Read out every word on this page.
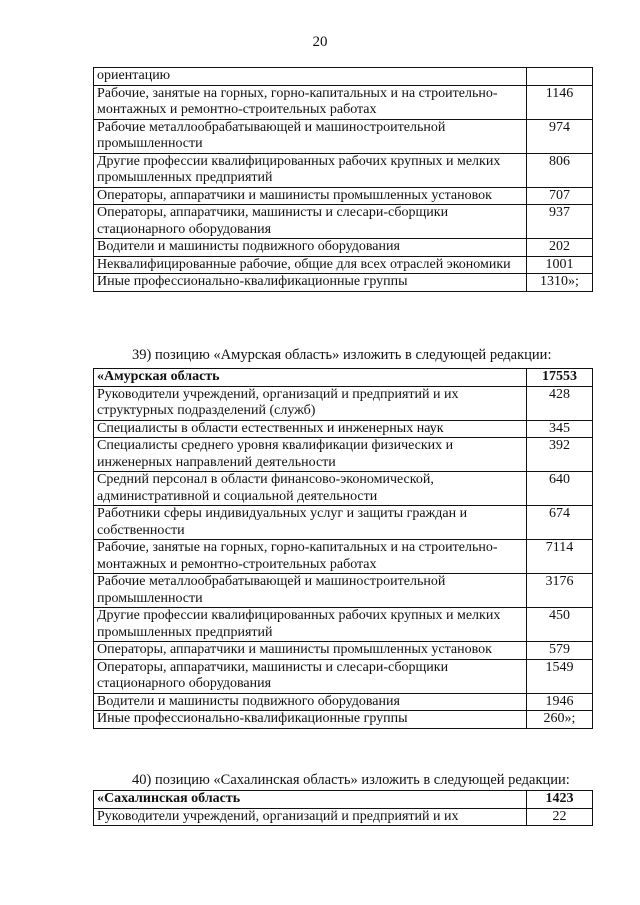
20
ориентацию	
Рабочие, занятые на горных, горно-капитальных и на строительно-монтажных и ремонтно-строительных работах	1146
Рабочие металлообрабатывающей и машиностроительной промышленности	974
Другие профессии квалифицированных рабочих крупных и мелких промышленных предприятий	806
Операторы, аппаратчики и машинисты промышленных установок	707
Операторы, аппаратчики, машинисты и слесари-сборщики стационарного оборудования	937
Водители и машинисты подвижного оборудования	202
Неквалифицированные рабочие, общие для всех отраслей экономики	1001
Иные профессионально-квалификационные группы	1310»;
39) позицию «Амурская область» изложить в следующей редакции:
«Амурская область	17553
Руководители учреждений, организаций и предприятий и их структурных подразделений (служб)	428
Специалисты в области естественных и инженерных наук	345
Специалисты среднего уровня квалификации физических и инженерных направлений деятельности	392
Средний персонал в области финансово-экономической, административной и социальной деятельности	640
Работники сферы индивидуальных услуг и защиты граждан и собственности	674
Рабочие, занятые на горных, горно-капитальных и на строительно-монтажных и ремонтно-строительных работах	7114
Рабочие металлообрабатывающей и машиностроительной промышленности	3176
Другие профессии квалифицированных рабочих крупных и мелких промышленных предприятий	450
Операторы, аппаратчики и машинисты промышленных установок	579
Операторы, аппаратчики, машинисты и слесари-сборщики стационарного оборудования	1549
Водители и машинисты подвижного оборудования	1946
Иные профессионально-квалификационные группы	260»;
40) позицию «Сахалинская область» изложить в следующей редакции:
«Сахалинская область	1423
Руководители учреждений, организаций и предприятий и их	22
